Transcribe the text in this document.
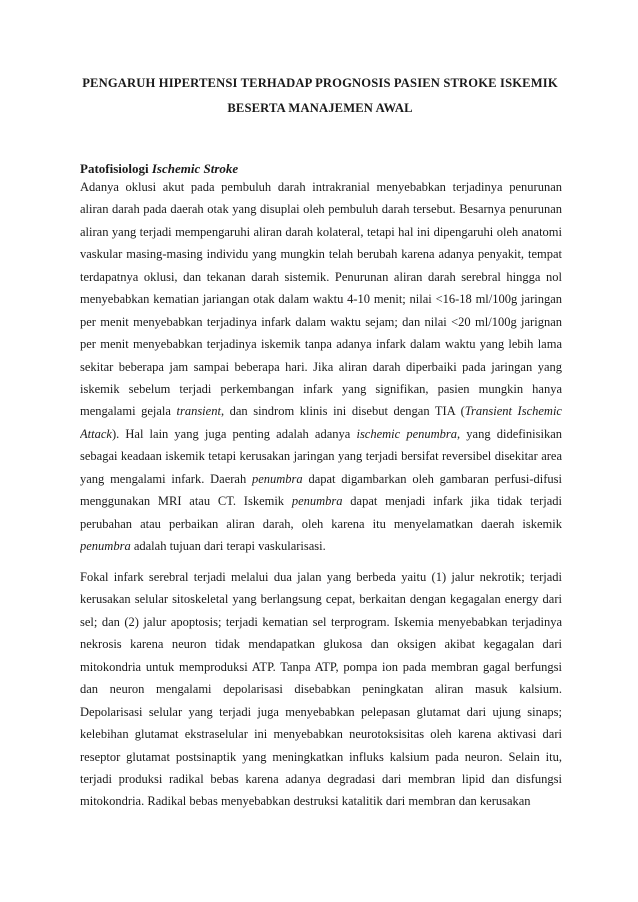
PENGARUH HIPERTENSI TERHADAP PROGNOSIS PASIEN STROKE ISKEMIK
BESERTA MANAJEMEN AWAL
Patofisiologi Ischemic Stroke
Adanya oklusi akut pada pembuluh darah intrakranial menyebabkan terjadinya penurunan
aliran darah pada daerah otak yang disuplai oleh pembuluh darah tersebut. Besarnya penurunan
aliran yang terjadi mempengaruhi aliran darah kolateral, tetapi hal ini dipengaruhi oleh anatomi
vaskular masing-masing individu yang mungkin telah berubah karena adanya penyakit, tempat
terdapatnya oklusi, dan tekanan darah sistemik. Penurunan aliran darah serebral hingga nol
menyebabkan kematian jariangan otak dalam waktu 4-10 menit; nilai <16-18 ml/100g jaringan
per menit menyebabkan terjadinya infark dalam waktu sejam; dan nilai <20 ml/100g jarignan
per menit menyebabkan terjadinya iskemik tanpa adanya infark dalam waktu yang lebih lama
sekitar beberapa jam sampai beberapa hari. Jika aliran darah diperbaiki pada jaringan yang
iskemik sebelum terjadi perkembangan infark yang signifikan, pasien mungkin hanya
mengalami gejala transient, dan sindrom klinis ini disebut dengan TIA (Transient Ischemic
Attack). Hal lain yang juga penting adalah adanya ischemic penumbra, yang didefinisikan
sebagai keadaan iskemik tetapi kerusakan jaringan yang terjadi bersifat reversibel disekitar area
yang mengalami infark. Daerah penumbra dapat digambarkan oleh gambaran perfusi-difusi
menggunakan MRI atau CT. Iskemik penumbra dapat menjadi infark jika tidak terjadi
perubahan atau perbaikan aliran darah, oleh karena itu menyelamatkan daerah iskemik
penumbra adalah tujuan dari terapi vaskularisasi.
Fokal infark serebral terjadi melalui dua jalan yang berbeda yaitu (1) jalur nekrotik; terjadi
kerusakan selular sitoskeletal yang berlangsung cepat, berkaitan dengan kegagalan energy dari
sel; dan (2) jalur apoptosis; terjadi kematian sel terprogram. Iskemia menyebabkan terjadinya
nekrosis karena neuron tidak mendapatkan glukosa dan oksigen akibat kegagalan dari
mitokondria untuk memproduksi ATP. Tanpa ATP, pompa ion pada membran gagal berfungsi
dan neuron mengalami depolarisasi disebabkan peningkatan aliran masuk kalsium.
Depolarisasi selular yang terjadi juga menyebabkan pelepasan glutamat dari ujung sinaps;
kelebihan glutamat ekstraselular ini menyebabkan neurotoksisitas oleh karena aktivasi dari
reseptor glutamat postsinaptik yang meningkatkan influks kalsium pada neuron. Selain itu,
terjadi produksi radikal bebas karena adanya degradasi dari membran lipid dan disfungsi
mitokondria. Radikal bebas menyebabkan destruksi katalitik dari membran dan kerusakan
